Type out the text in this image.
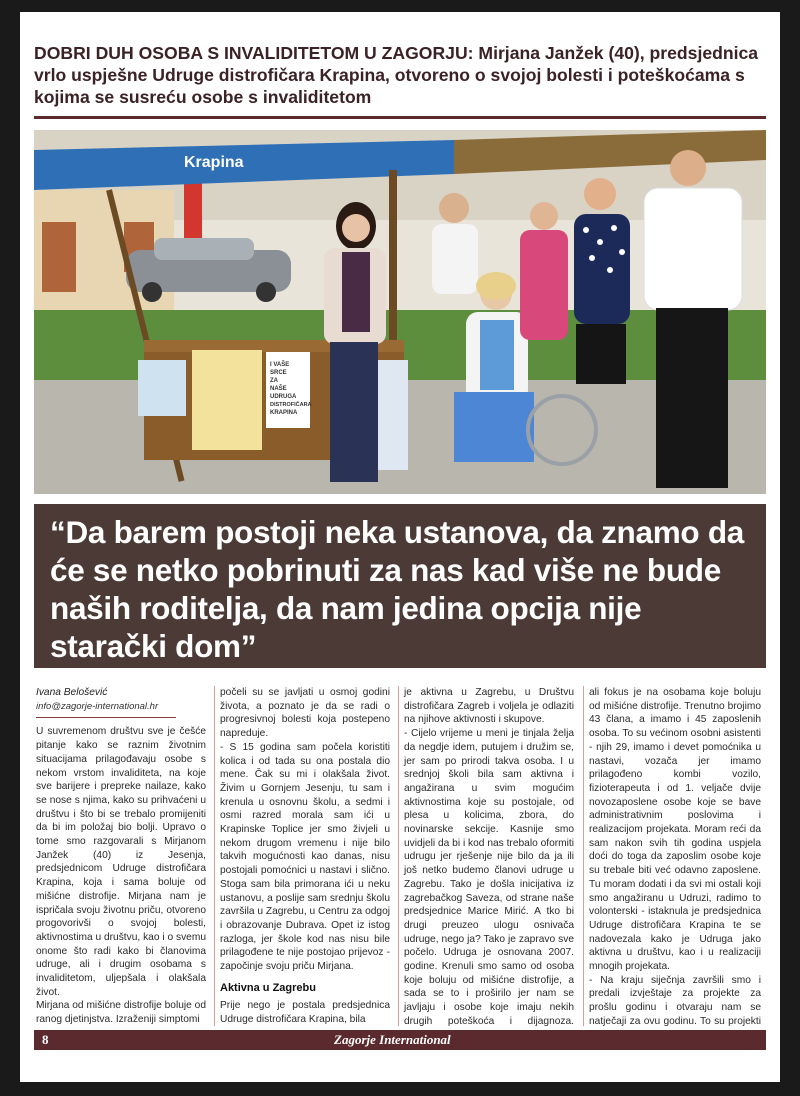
DOBRI DUH OSOBA S INVALIDITETOM U ZAGORJU: Mirjana Janžek (40), predsjednica vrlo uspješne Udruge distrofičara Krapina, otvoreno o svojoj bolesti i poteškoćama s kojima se susreću osobe s invaliditetom
Krapina
I VAŠE
SRCE
ZA
NAŠE
UDRUGA
DISTROFIČARA
KRAPINA
“Da barem postoji neka ustanova, da znamo da će se netko pobrinuti za nas kad više ne bude naših roditelja, da nam jedina opcija nije starački dom”

Ivana Belošević

info@zagorje-international.hr

U suvremenom društvu sve je češće pitanje kako se raznim životnim situacijama prilagođavaju osobe s nekom vrstom invaliditeta, na koje sve barijere i prepreke nailaze, kako se nose s njima, kako su prihvaćeni u društvu i što bi se trebalo promijeniti da bi im položaj bio bolji. Upravo o tome smo razgovarali s Mirjanom Janžek (40) iz Jesenja, predsjednicom Udruge distrofičara Krapina, koja i sama boluje od mišićne distrofije. Mirjana nam je ispričala svoju životnu priču, otvoreno progovorivši o svojoj bolesti, aktivnostima u društvu, kao i o svemu onome što radi kako bi članovima udruge, ali i drugim osobama s invaliditetom, uljepšala i olakšala život.

Mirjana od mišićne distrofije boluje od ranog djetinjstva. Izraženiji simptomi

počeli su se javljati u osmoj godini života, a poznato je da se radi o progresivnoj bolesti koja postepeno napreduje.

- S 15 godina sam počela koristiti kolica i od tada su ona postala dio mene. Čak su mi i olakšala život. Živim u Gornjem Jesenju, tu sam i krenula u osnovnu školu, a sedmi i osmi razred morala sam ići u Krapinske Toplice jer smo živjeli u nekom drugom vremenu i nije bilo takvih mogućnosti kao danas, nisu postojali pomoćnici u nastavi i slično. Stoga sam bila primorana ići u neku ustanovu, a poslije sam srednju školu završila u Zagrebu, u Centru za odgoj i obrazovanje Dubrava. Opet iz istog razloga, jer škole kod nas nisu bile prilagođene te nije postojao prijevoz - započinje svoju priču Mirjana.

Aktivna u Zagrebu

Prije nego je postala predsjednica Udruge distrofičara Krapina, bila

je aktivna u Zagrebu, u Društvu distrofičara Zagreb i voljela je odlaziti na njihove aktivnosti i skupove.

- Cijelo vrijeme u meni je tinjala želja da negdje idem, putujem i družim se, jer sam po prirodi takva osoba. I u srednjoj školi bila sam aktivna i angažirana u svim mogućim aktivnostima koje su postojale, od plesa u kolicima, zbora, do novinarske sekcije. Kasnije smo uvidjeli da bi i kod nas trebalo oformiti udrugu jer rješenje nije bilo da ja ili još netko budemo članovi udruge u Zagrebu. Tako je došla inicijativa iz zagrebačkog Saveza, od strane naše predsjednice Marice Mirić. A tko bi drugi preuzeo ulogu osnivača udruge, nego ja? Tako je zapravo sve počelo. Udruga je osnovana 2007. godine. Krenuli smo samo od osoba koje boluju od mišićne distrofije, a sada se to i proširilo jer nam se javljaju i osobe koje imaju nekih drugih poteškoća i dijagnoza.

ali fokus je na osobama koje boluju od mišićne distrofije. Trenutno brojimo 43 člana, a imamo i 45 zaposlenih osoba. To su većinom osobni asistenti - njih 29, imamo i devet pomoćnika u nastavi, vozača jer imamo prilagođeno kombi vozilo, fizioterapeuta i od 1. veljače dvije novozaposlene osobe koje se bave administrativnim poslovima i realizacijom projekata. Moram reći da sam nakon svih tih godina uspjela doći do toga da zaposlim osobe koje su trebale biti već odavno zaposlene. Tu moram dodati i da svi mi ostali koji smo angažiranu u Udruzi, radimo to volonterski - istaknula je predsjednica Udruge distrofičara Krapina te se nadovezala kako je Udruga jako aktivna u društvu, kao i u realizaciji mnogih projekata.

- Na kraju siječnja završili smo i predali izvještaje za projekte za prošlu godinu i otvaraju nam se natječaji za ovu godinu. To su projekti

8	Zagorje International
